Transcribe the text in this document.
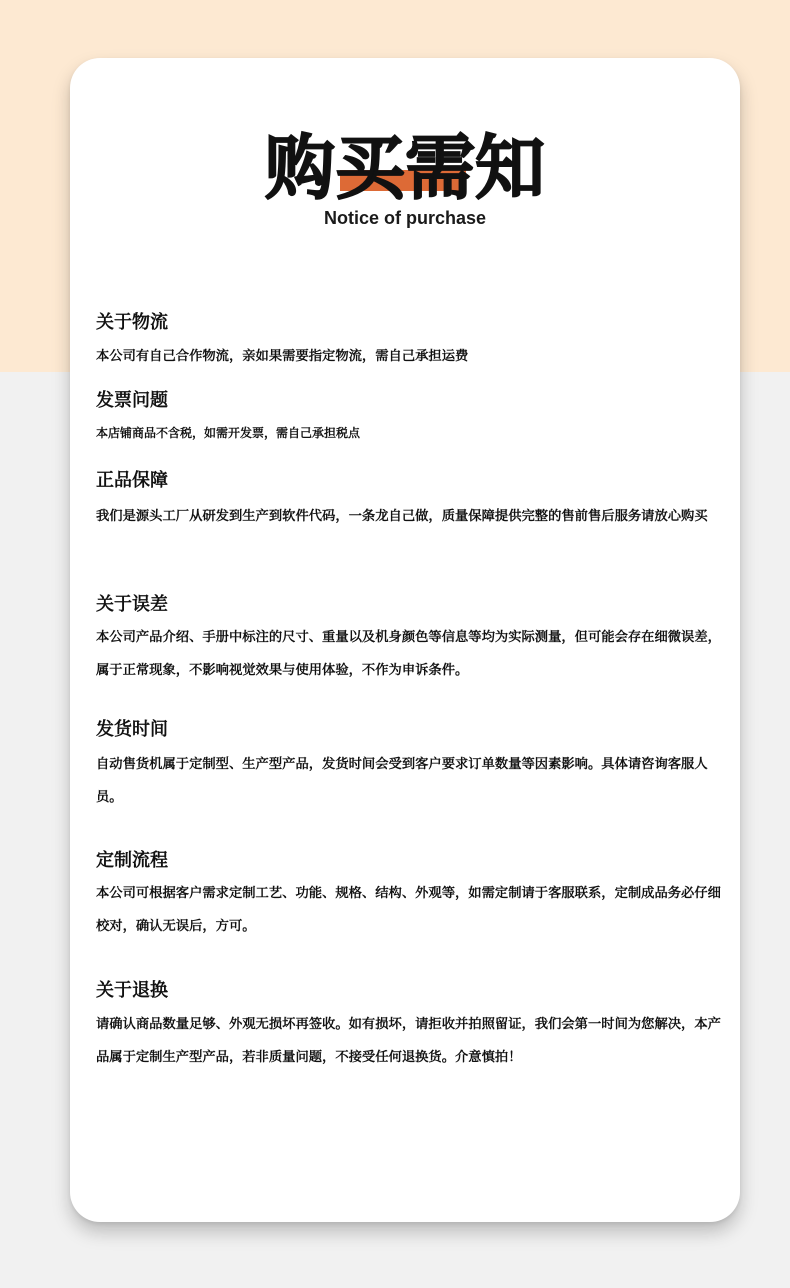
购买需知
Notice of purchase
关于物流
本公司有自己合作物流，亲如果需要指定物流，需自己承担运费
发票问题
本店铺商品不含税，如需开发票，需自己承担税点
正品保障
我们是源头工厂从研发到生产到软件代码，一条龙自己做，质量保障提供完整的售前售后服务请放心购买
关于误差
本公司产品介绍、手册中标注的尺寸、重量以及机身颜色等信息等均为实际测量，但可能会存在细微误差，属于正常现象，不影响视觉效果与使用体验，不作为申诉条件。
发货时间
自动售货机属于定制型、生产型产品，发货时间会受到客户要求订单数量等因素影响。具体请咨询客服人员。
定制流程
本公司可根据客户需求定制工艺、功能、规格、结构、外观等，如需定制请于客服联系，定制成品务必仔细校对，确认无误后，方可。
关于退换
请确认商品数量足够、外观无损坏再签收。如有损坏，请拒收并拍照留证，我们会第一时间为您解决，本产品属于定制生产型产品，若非质量问题，不接受任何退换货。介意慎拍！
